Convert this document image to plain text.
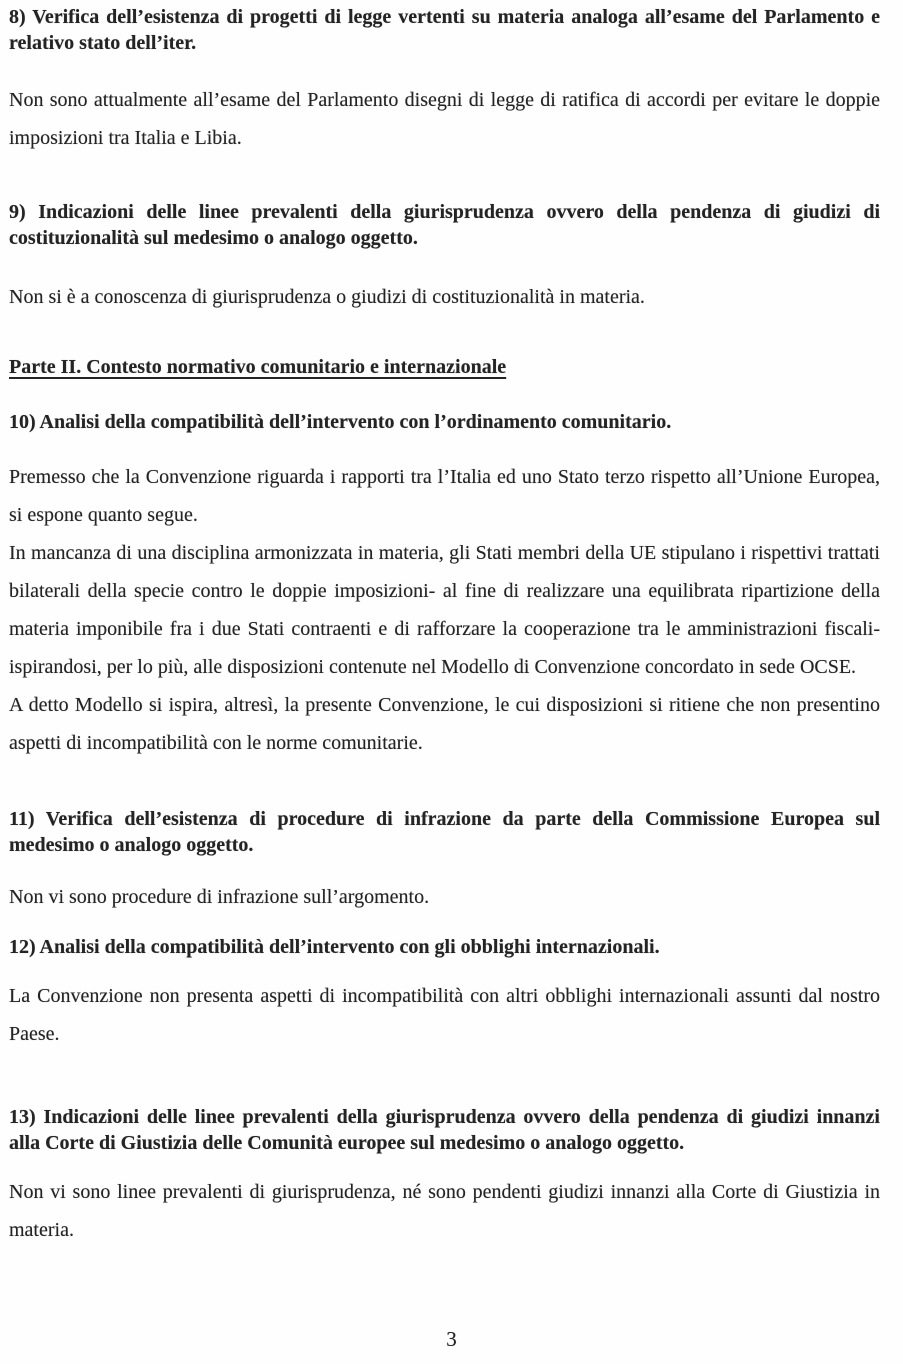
8) Verifica dell’esistenza di progetti di legge vertenti su materia analoga all’esame del Parlamento e relativo stato dell’iter.

Non sono attualmente all’esame del Parlamento disegni di legge di ratifica di accordi per evitare le doppie imposizioni tra Italia e Libia.

9) Indicazioni delle linee prevalenti della giurisprudenza ovvero della pendenza di giudizi di costituzionalità sul medesimo o analogo oggetto.

Non si è a conoscenza di giurisprudenza o giudizi di costituzionalità in materia.

Parte II. Contesto normativo comunitario e internazionale
10) Analisi della compatibilità dell’intervento con l’ordinamento comunitario.

Premesso che la Convenzione riguarda i rapporti tra l’Italia ed uno Stato terzo rispetto all’Unione Europea, si espone quanto segue.

In mancanza di una disciplina armonizzata in materia, gli Stati membri della UE stipulano i rispettivi trattati bilaterali della specie contro le doppie imposizioni- al fine di realizzare una equilibrata ripartizione della materia imponibile fra i due Stati contraenti e di rafforzare la cooperazione tra le amministrazioni fiscali- ispirandosi, per lo più, alle disposizioni contenute nel Modello di Convenzione concordato in sede OCSE.

A detto Modello si ispira, altresì, la presente Convenzione, le cui disposizioni si ritiene che non presentino aspetti di incompatibilità con le norme comunitarie.

11) Verifica dell’esistenza di procedure di infrazione da parte della Commissione Europea sul medesimo o analogo oggetto.

Non vi sono procedure di infrazione sull’argomento.

12) Analisi della compatibilità dell’intervento con gli obblighi internazionali.

La Convenzione non presenta aspetti di incompatibilità con altri obblighi internazionali assunti dal nostro Paese.

13) Indicazioni delle linee prevalenti della giurisprudenza ovvero della pendenza di giudizi innanzi alla Corte di Giustizia delle Comunità europee sul medesimo o analogo oggetto.

Non vi sono linee prevalenti di giurisprudenza, né sono pendenti giudizi innanzi alla Corte di Giustizia in materia.

3
